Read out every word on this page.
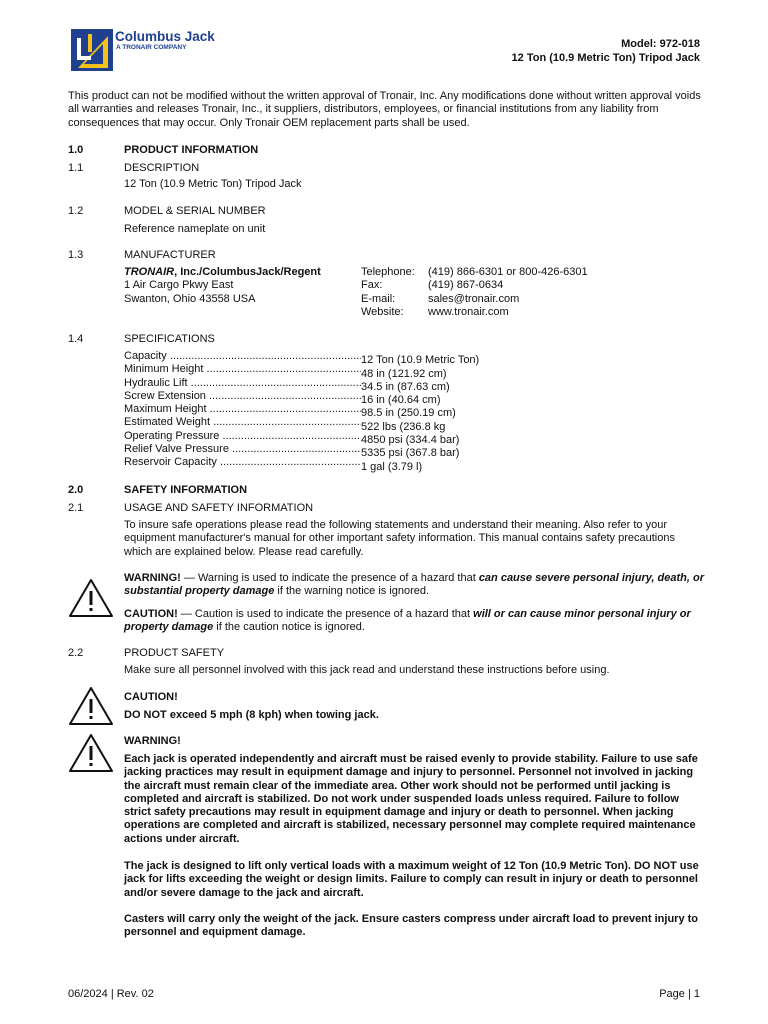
Columbus Jack
A TRONAIR COMPANY	Model: 972-018
12 Ton (10.9 Metric Ton) Tripod Jack
This product can not be modified without the written approval of Tronair, Inc. Any modifications done without written approval voids all warranties and releases Tronair, Inc., it suppliers, distributors, employees, or financial institutions from any liability from consequences that may occur. Only Tronair OEM replacement parts shall be used.
1.0	PRODUCT INFORMATION
1.1	DESCRIPTION
12 Ton (10.9 Metric Ton) Tripod Jack
1.2	MODEL & SERIAL NUMBER
Reference nameplate on unit
1.3	MANUFACTURER
TRONAIR, Inc./ColumbusJack/Regent
1 Air Cargo Pkwy East
Swanton, Ohio 43558 USA
Telephone: (419) 866-6301 or 800-426-6301
Fax:	(419) 867-0634
E-mail:	sales@tronair.com
Website: www.tronair.com
1.4	SPECIFICATIONS
Capacity .....	12 Ton (10.9 Metric Ton)
Minimum Height .....	48 in (121.92 cm)
Hydraulic Lift .....	34.5 in (87.63 cm)
Screw Extension .....	16 in (40.64 cm)
Maximum Height .....	98.5 in (250.19 cm)
Estimated Weight .....	522 lbs (236.8 kg
Operating Pressure .....	4850 psi (334.4 bar)
Relief Valve Pressure .....	5335 psi (367.8 bar)
Reservoir Capacity .....	1 gal (3.79 l)
2.0	SAFETY INFORMATION
2.1	USAGE AND SAFETY INFORMATION
To insure safe operations please read the following statements and understand their meaning. Also refer to your equipment manufacturer's manual for other important safety information. This manual contains safety precautions which are explained below. Please read carefully.
WARNING! — Warning is used to indicate the presence of a hazard that can cause severe personal injury, death, or substantial property damage if the warning notice is ignored.
CAUTION! — Caution is used to indicate the presence of a hazard that will or can cause minor personal injury or property damage if the caution notice is ignored.
2.2	PRODUCT SAFETY
Make sure all personnel involved with this jack read and understand these instructions before using.
CAUTION!
DO NOT exceed 5 mph (8 kph) when towing jack.
WARNING!
Each jack is operated independently and aircraft must be raised evenly to provide stability. Failure to use safe jacking practices may result in equipment damage and injury to personnel. Personnel not involved in jacking the aircraft must remain clear of the immediate area. Other work should not be performed until jacking is completed and aircraft is stabilized. Do not work under suspended loads unless required. Failure to follow strict safety precautions may result in equipment damage and injury or death to personnel. When jacking operations are completed and aircraft is stabilized, necessary personnel may complete required maintenance actions under aircraft.
The jack is designed to lift only vertical loads with a maximum weight of 12 Ton (10.9 Metric Ton). DO NOT use jack for lifts exceeding the weight or design limits. Failure to comply can result in injury or death to personnel and/or severe damage to the jack and aircraft.
Casters will carry only the weight of the jack. Ensure casters compress under aircraft load to prevent injury to personnel and equipment damage.
06/2024 | Rev. 02	Page | 1
